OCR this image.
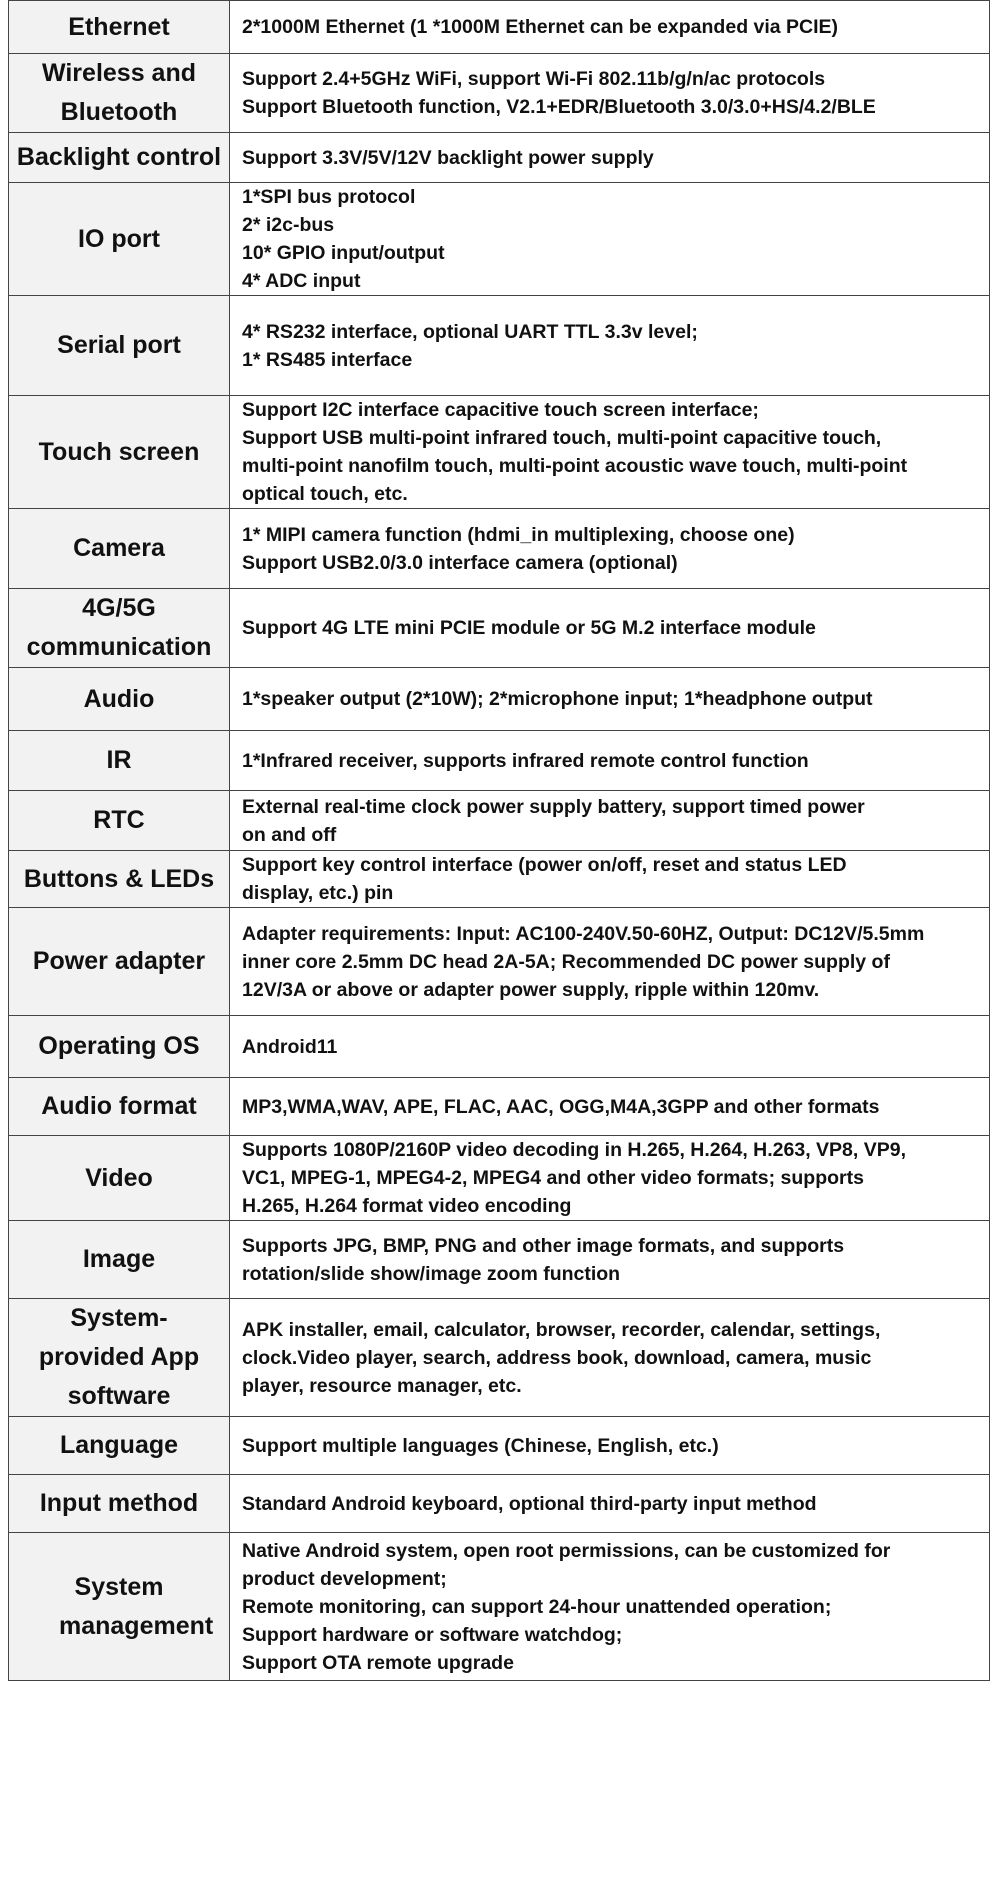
Ethernet	2*1000M Ethernet (1 *1000M Ethernet can be expanded via PCIE)

Wireless and Bluetooth	Support 2.4+5GHz WiFi, support Wi-Fi 802.11b/g/n/ac protocols
Support Bluetooth function, V2.1+EDR/Bluetooth 3.0/3.0+HS/4.2/BLE

Backlight control	Support 3.3V/5V/12V backlight power supply

IO port	1*SPI bus protocol
2* i2c-bus
10* GPIO input/output
4* ADC input

Serial port	4* RS232 interface, optional UART TTL 3.3v level;
1* RS485 interface

Touch screen	Support I2C interface capacitive touch screen interface;
Support USB multi-point infrared touch, multi-point capacitive touch,
multi-point nanofilm touch, multi-point acoustic wave touch, multi-point
optical touch, etc.

Camera	1* MIPI camera function (hdmi_in multiplexing, choose one)
Support USB2.0/3.0 interface camera (optional)

4G/5G communication	Support 4G LTE mini PCIE module or 5G M.2 interface module

Audio	1*speaker output (2*10W); 2*microphone input; 1*headphone output

IR	1*Infrared receiver, supports infrared remote control function

RTC	External real-time clock power supply battery, support timed power
on and off

Buttons & LEDs	Support key control interface (power on/off, reset and status LED
display, etc.) pin

Power adapter	Adapter requirements: Input: AC100-240V.50-60HZ, Output: DC12V/5.5mm
inner core 2.5mm DC head 2A-5A; Recommended DC power supply of
12V/3A or above or adapter power supply, ripple within 120mv.

Operating OS	Android11

Audio format	MP3,WMA,WAV, APE, FLAC, AAC, OGG,M4A,3GPP and other formats

Video	Supports 1080P/2160P video decoding in H.265, H.264, H.263, VP8, VP9,
VC1, MPEG-1, MPEG4-2, MPEG4 and other video formats; supports
H.265, H.264 format video encoding

Image	Supports JPG, BMP, PNG and other image formats, and supports
rotation/slide show/image zoom function

System-provided App software	APK installer, email, calculator, browser, recorder, calendar, settings,
clock.Video player, search, address book, download, camera, music
player, resource manager, etc.

Language	Support multiple languages (Chinese, English, etc.)

Input method	Standard Android keyboard, optional third-party input method

System management	Native Android system, open root permissions, can be customized for
product development;
Remote monitoring, can support 24-hour unattended operation;
Support hardware or software watchdog;
Support OTA remote upgrade
